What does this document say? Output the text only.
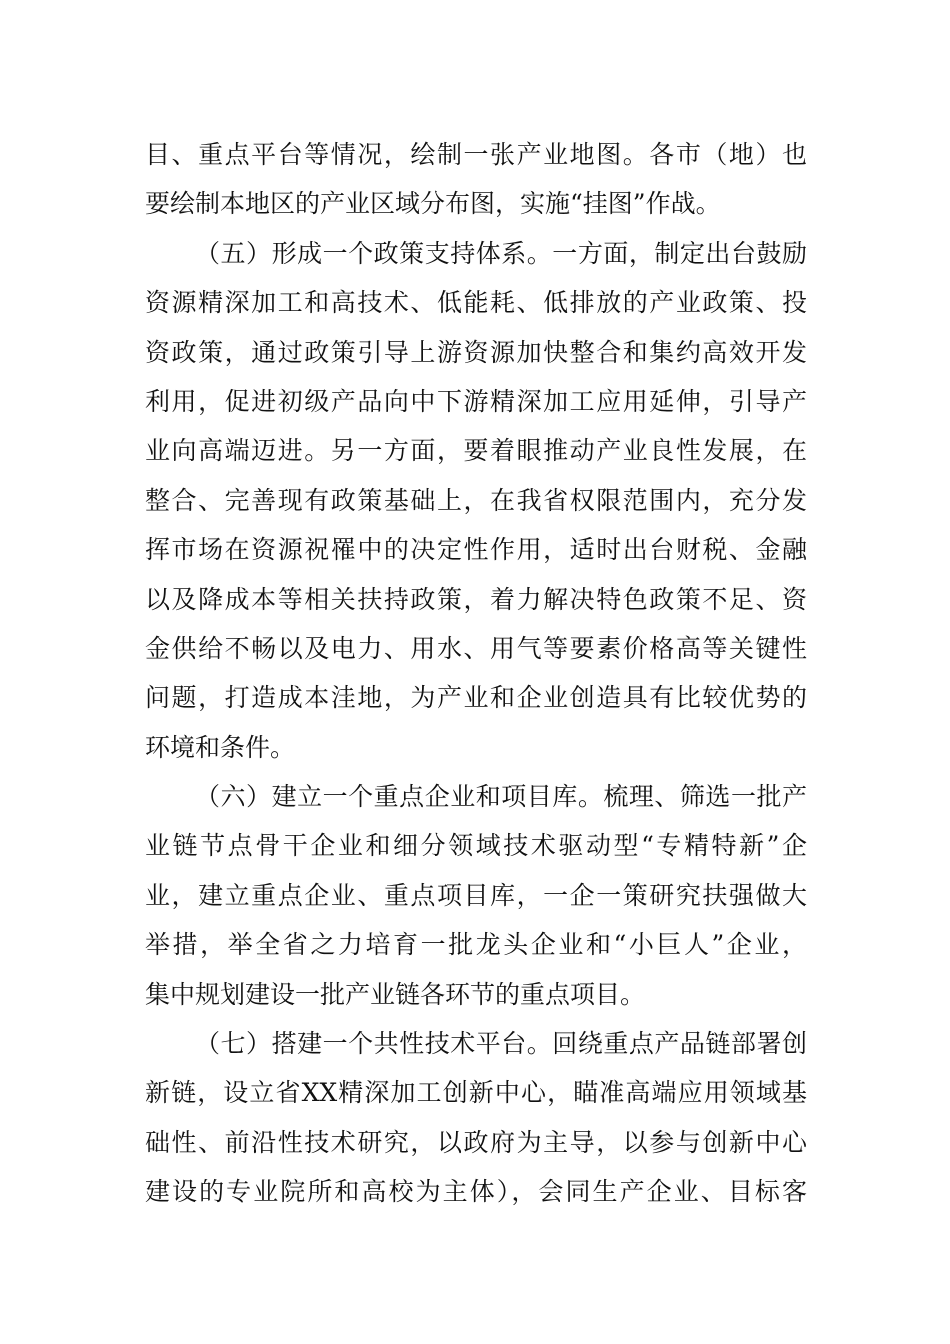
目、重点平台等情况，绘制一张产业地图。各市（地）也
要绘制本地区的产业区域分布图，实施“挂图”作战。
（五）形成一个政策支持体系。一方面，制定出台鼓励
资源精深加工和高技术、低能耗、低排放的产业政策、投
资政策，通过政策引导上游资源加快整合和集约高效开发
利用，促进初级产品向中下游精深加工应用延伸，引导产
业向高端迈进。另一方面，要着眼推动产业良性发展，在
整合、完善现有政策基础上，在我省权限范围内，充分发
挥市场在资源祝罹中的决定性作用，适时出台财税、金融
以及降成本等相关扶持政策，着力解决特色政策不足、资
金供给不畅以及电力、用水、用气等要素价格高等关键性
问题，打造成本洼地，为产业和企业创造具有比较优势的
环境和条件。
（六）建立一个重点企业和项目库。梳理、筛选一批产
业链节点骨干企业和细分领域技术驱动型“专精特新”企
业，建立重点企业、重点项目库，一企一策研究扶强做大
举措，举全省之力培育一批龙头企业和“小巨人”企业，
集中规划建设一批产业链各环节的重点项目。
（七）搭建一个共性技术平台。回绕重点产品链部署创
新链，设立省XX精深加工创新中心，瞄准高端应用领域基
础性、前沿性技术研究，以政府为主导，以参与创新中心
建设的专业院所和高校为主体），会同生产企业、目标客
